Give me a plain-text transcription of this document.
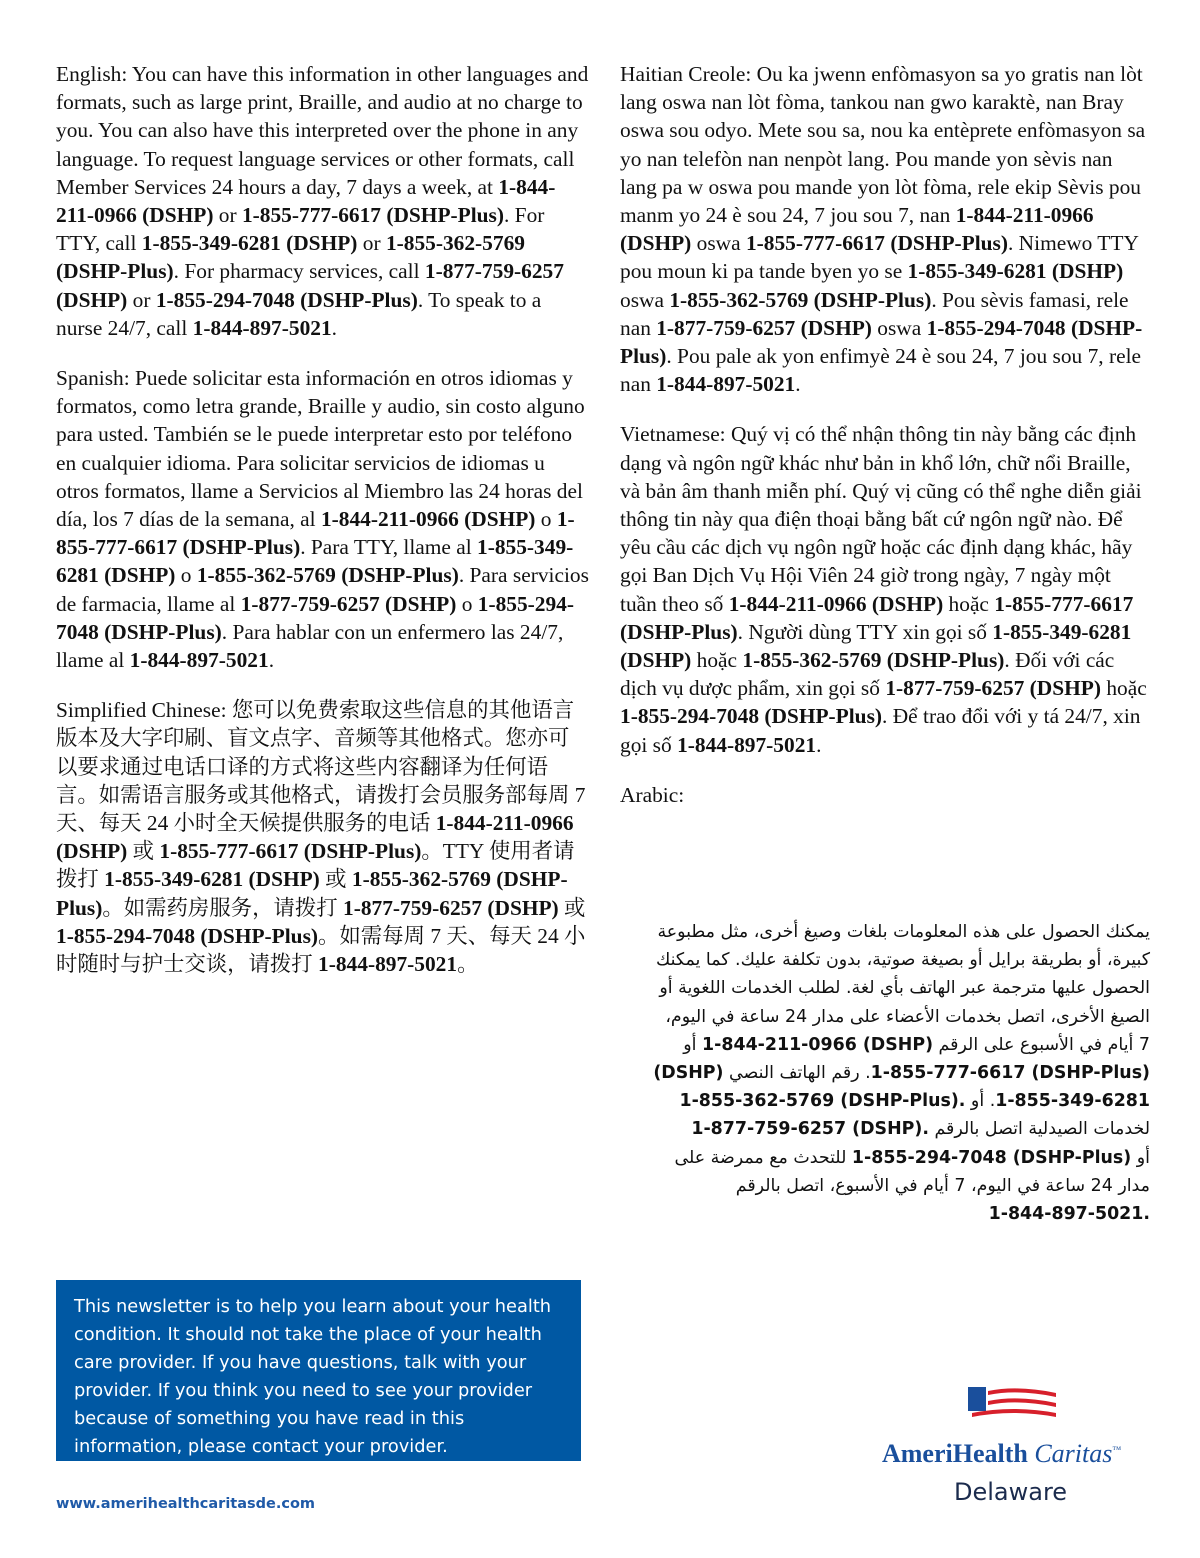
English: You can have this information in other languages and formats, such as large print, Braille, and audio at no charge to you. You can also have this interpreted over the phone in any language. To request language services or other formats, call Member Services 24 hours a day, 7 days a week, at 1-844-211-0966 (DSHP) or 1-855-777-6617 (DSHP-Plus). For TTY, call 1-855-349-6281 (DSHP) or 1-855-362-5769 (DSHP-Plus). For pharmacy services, call 1-877-759-6257 (DSHP) or 1-855-294-7048 (DSHP-Plus). To speak to a nurse 24/7, call 1-844-897-5021.

Spanish: Puede solicitar esta información en otros idiomas y formatos, como letra grande, Braille y audio, sin costo alguno para usted. También se le puede interpretar esto por teléfono en cualquier idioma. Para solicitar servicios de idiomas u otros formatos, llame a Servicios al Miembro las 24 horas del día, los 7 días de la semana, al 1-844-211-0966 (DSHP) o 1-855-777-6617 (DSHP-Plus). Para TTY, llame al 1-855-349-6281 (DSHP) o 1-855-362-5769 (DSHP-Plus). Para servicios de farmacia, llame al 1-877-759-6257 (DSHP) o 1-855-294-7048 (DSHP-Plus). Para hablar con un enfermero las 24/7, llame al 1-844-897-5021.

Simplified Chinese: 您可以免费索取这些信息的其他语言版本及大字印刷、盲文点字、音频等其他格式。您亦可以要求通过电话口译的方式将这些内容翻译为任何语言。如需语言服务或其他格式，请拨打会员服务部每周 7 天、每天 24 小时全天候提供服务的电话 1-844-211-0966 (DSHP) 或 1-855-777-6617 (DSHP-Plus)。TTY 使用者请拨打 1-855-349-6281 (DSHP) 或 1-855-362-5769 (DSHP-Plus)。如需药房服务，请拨打 1-877-759-6257 (DSHP) 或 1-855-294-7048 (DSHP-Plus)。如需每周 7 天、每天 24 小时随时与护士交谈，请拨打 1-844-897-5021。

Haitian Creole: Ou ka jwenn enfòmasyon sa yo gratis nan lòt lang oswa nan lòt fòma, tankou nan gwo karaktè, nan Bray oswa sou odyo. Mete sou sa, nou ka entèprete enfòmasyon sa yo nan telefòn nan nenpòt lang. Pou mande yon sèvis nan lang pa w oswa pou mande yon lòt fòma, rele ekip Sèvis pou manm yo 24 è sou 24, 7 jou sou 7, nan 1-844-211-0966 (DSHP) oswa 1-855-777-6617 (DSHP-Plus). Nimewo TTY pou moun ki pa tande byen yo se 1-855-349-6281 (DSHP) oswa 1-855-362-5769 (DSHP-Plus). Pou sèvis famasi, rele nan 1-877-759-6257 (DSHP) oswa 1-855-294-7048 (DSHP-Plus). Pou pale ak yon enfimyè 24 è sou 24, 7 jou sou 7, rele nan 1-844-897-5021.

Vietnamese: Quý vị có thể nhận thông tin này bằng các định dạng và ngôn ngữ khác như bản in khổ lớn, chữ nổi Braille, và bản âm thanh miễn phí. Quý vị cũng có thể nghe diễn giải thông tin này qua điện thoại bằng bất cứ ngôn ngữ nào. Để yêu cầu các dịch vụ ngôn ngữ hoặc các định dạng khác, hãy gọi Ban Dịch Vụ Hội Viên 24 giờ trong ngày, 7 ngày một tuần theo số 1-844-211-0966 (DSHP) hoặc 1-855-777-6617 (DSHP-Plus). Người dùng TTY xin gọi số 1-855-349-6281 (DSHP) hoặc 1-855-362-5769 (DSHP-Plus). Đối với các dịch vụ dược phẩm, xin gọi số 1-877-759-6257 (DSHP) hoặc 1-855-294-7048 (DSHP-Plus). Để trao đổi với y tá 24/7, xin gọi số 1-844-897-5021.

Arabic:

يمكنك الحصول على هذه المعلومات بلغات وصيغ أخرى، مثل مطبوعة
كبيرة، أو بطريقة برايل أو بصيغة صوتية، بدون تكلفة عليك. كما يمكنك
الحصول عليها مترجمة عبر الهاتف بأي لغة. لطلب الخدمات اللغوية أو
الصيغ الأخرى، اتصل بخدمات الأعضاء على مدار 24 ساعة في اليوم،
7 أيام في الأسبوع على الرقم 1-844-211-0966 (DSHP) أو
1-855-777-6617 (DSHP-Plus). رقم الهاتف النصي (DSHP)
1-855-349-6281. أو 1-855-362-5769 (DSHP-Plus).
لخدمات الصيدلية اتصل بالرقم 1-877-759-6257 (DSHP).
أو 1-855-294-7048 (DSHP-Plus) للتحدث مع ممرضة على
مدار 24 ساعة في اليوم، 7 أيام في الأسبوع، اتصل بالرقم
1-844-897-5021.
This newsletter is to help you learn about your health condition. It should not take the place of your health care provider. If you have questions, talk with your provider. If you think you need to see your provider because of something you have read in this information, please contact your provider.
www.amerihealthcaritasde.com
AmeriHealth Caritas™
Delaware
